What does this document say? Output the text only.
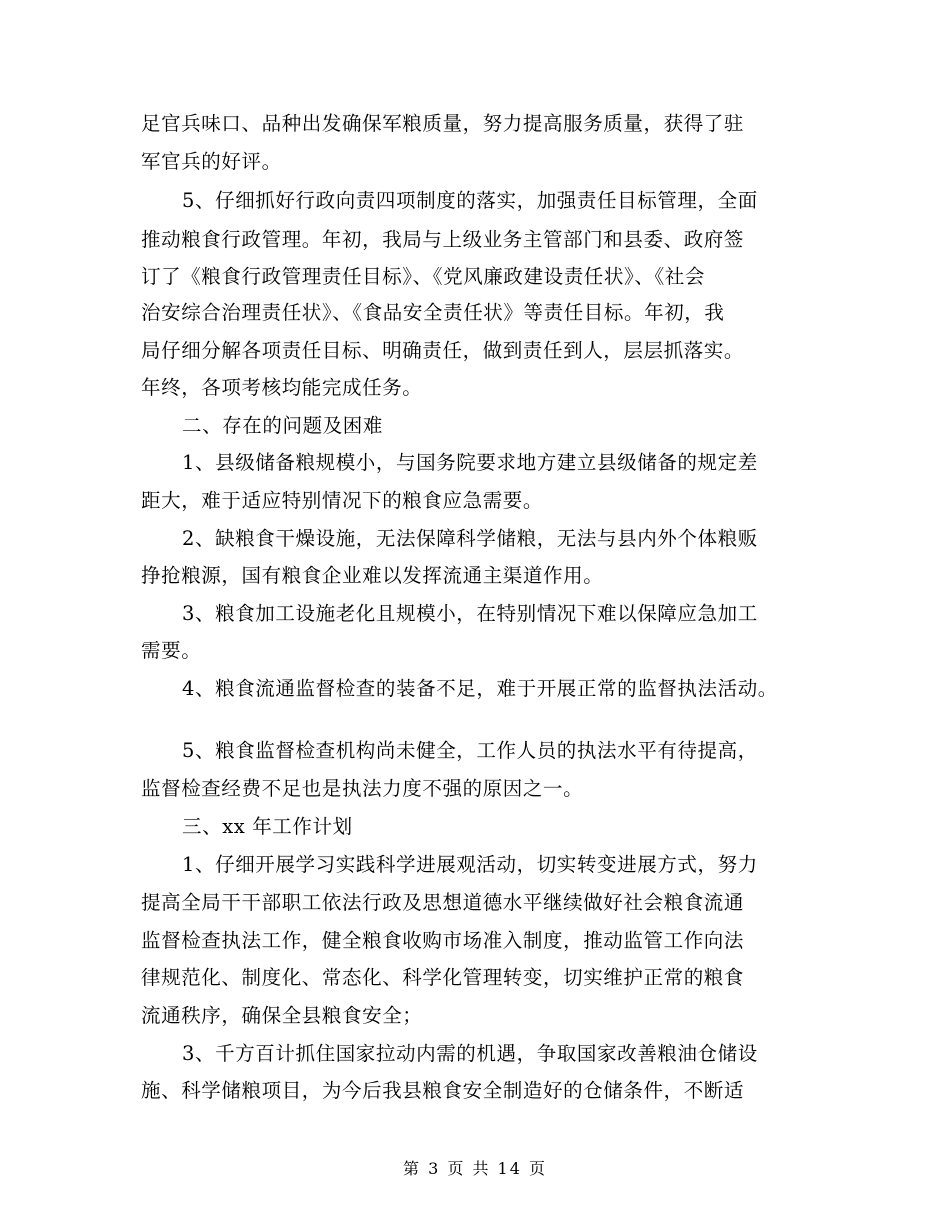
足官兵味口、品种出发确保军粮质量，努力提高服务质量，获得了驻
军官兵的好评。
5、仔细抓好行政向责四项制度的落实，加强责任目标管理，全面
推动粮食行政管理。年初，我局与上级业务主管部门和县委、政府签
订了《粮食行政管理责任目标》、《党风廉政建设责任状》、《社会
治安综合治理责任状》、《食品安全责任状》等责任目标。年初，我
局仔细分解各项责任目标、明确责任，做到责任到人，层层抓落实。
年终，各项考核均能完成任务。
二、存在的问题及困难
1、县级储备粮规模小，与国务院要求地方建立县级储备的规定差
距大，难于适应特别情况下的粮食应急需要。
2、缺粮食干燥设施，无法保障科学储粮，无法与县内外个体粮贩
挣抢粮源，国有粮食企业难以发挥流通主渠道作用。
3、粮食加工设施老化且规模小，在特别情况下难以保障应急加工
需要。
4、粮食流通监督检查的装备不足，难于开展正常的监督执法活动。
5、粮食监督检查机构尚未健全，工作人员的执法水平有待提高，
监督检查经费不足也是执法力度不强的原因之一。
三、xx 年工作计划
1、仔细开展学习实践科学进展观活动，切实转变进展方式，努力
提高全局干干部职工依法行政及思想道德水平继续做好社会粮食流通
监督检查执法工作，健全粮食收购市场准入制度，推动监管工作向法
律规范化、制度化、常态化、科学化管理转变，切实维护正常的粮食
流通秩序，确保全县粮食安全；
3、千方百计抓住国家拉动内需的机遇，争取国家改善粮油仓储设
施、科学储粮项目，为今后我县粮食安全制造好的仓储条件，不断适
第 3 页 共 14 页
